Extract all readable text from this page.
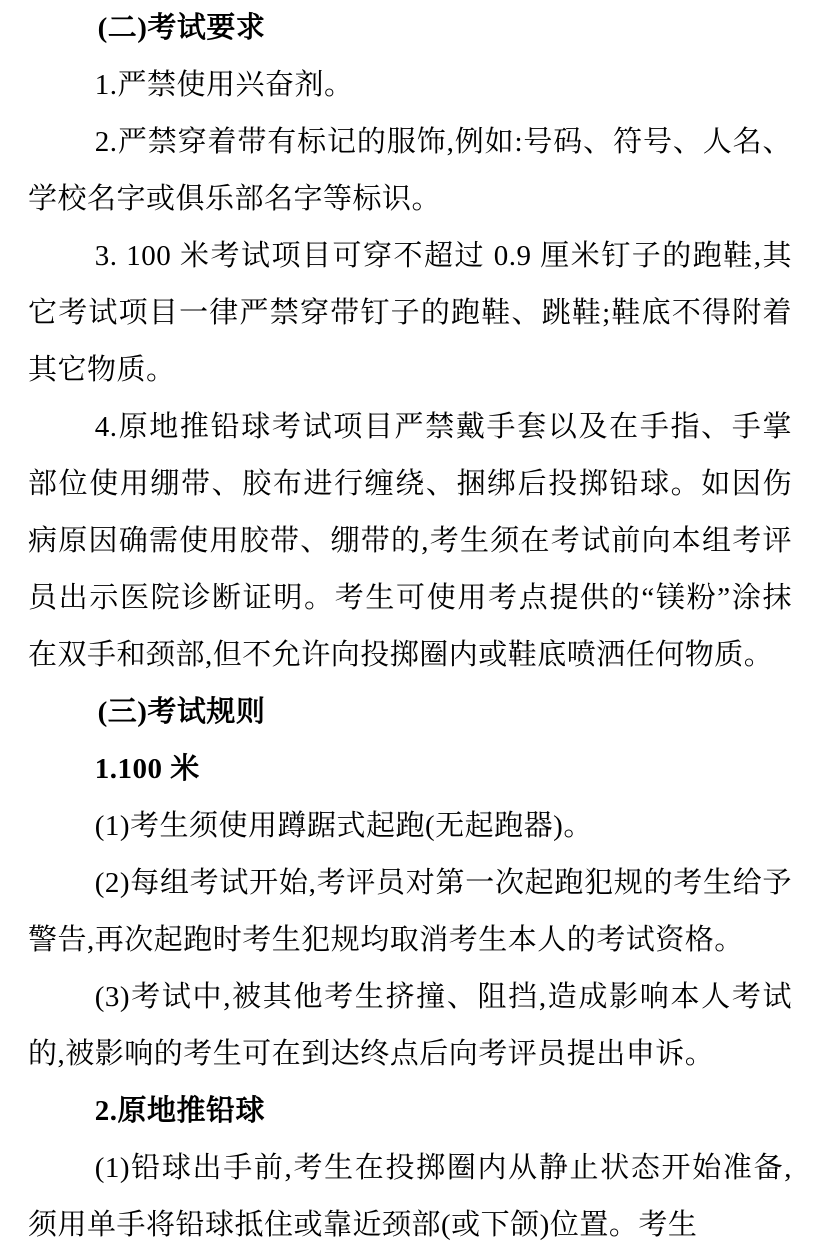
(二)考试要求

1.严禁使用兴奋剂。

2.严禁穿着带有标记的服饰,例如:号码、符号、人名、学校名字或俱乐部名字等标识。

3. 100 米考试项目可穿不超过 0.9 厘米钉子的跑鞋,其它考试项目一律严禁穿带钉子的跑鞋、跳鞋;鞋底不得附着其它物质。

4.原地推铅球考试项目严禁戴手套以及在手指、手掌部位使用绷带、胶布进行缠绕、捆绑后投掷铅球。如因伤病原因确需使用胶带、绷带的,考生须在考试前向本组考评员出示医院诊断证明。考生可使用考点提供的“镁粉”涂抹在双手和颈部,但不允许向投掷圈内或鞋底喷洒任何物质。

(三)考试规则

1.100 米

(1)考生须使用蹲踞式起跑(无起跑器)。

(2)每组考试开始,考评员对第一次起跑犯规的考生给予警告,再次起跑时考生犯规均取消考生本人的考试资格。

(3)考试中,被其他考生挤撞、阻挡,造成影响本人考试的,被影响的考生可在到达终点后向考评员提出申诉。

2.原地推铅球

(1)铅球出手前,考生在投掷圈内从静止状态开始准备,须用单手将铅球抵住或靠近颈部(或下颌)位置。考生
